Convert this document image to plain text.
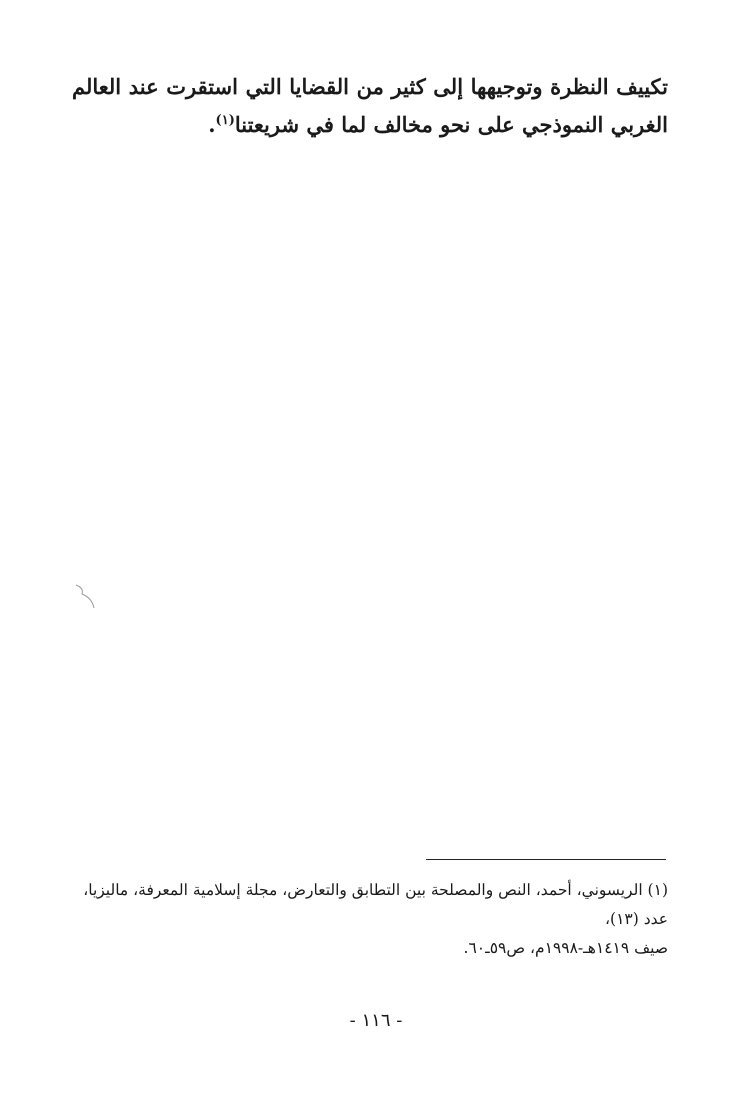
تكييف النظرة وتوجيهها إلى كثير من القضايا التي استقرت عند العالم الغربي النموذجي على نحو مخالف لما في شريعتنا$^{(١)}$.

(١) الريسوني، أحمد، النص والمصلحة بين التطابق والتعارض، مجلة إسلامية المعرفة، ماليزيا، عدد (١٣)،

صيف ١٤١٩هـ-١٩٩٨م، ص٥٩ـ٦٠.

- ١١٦ -
